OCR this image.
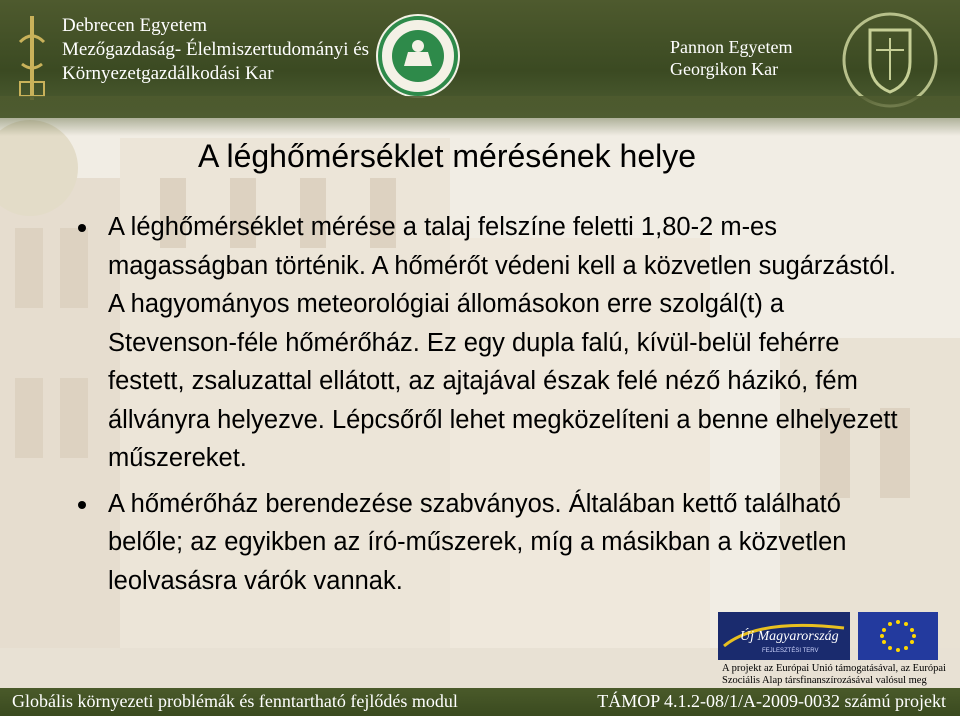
Debrecen Egyetem
Mezőgazdaság- Élelmiszertudományi és
Környezetgazdálkodási Kar
Pannon Egyetem
Georgikon Kar
A léghőmérséklet mérésének helye
A léghőmérséklet mérése a talaj felszíne feletti 1,80-2 m-es magasságban történik. A hőmérőt védeni kell a közvetlen sugárzástól. A hagyományos meteorológiai állomásokon erre szolgál(t) a Stevenson-féle hőmérőház. Ez egy dupla falú, kívül-belül fehérre festett, zsaluzattal ellátott, az ajtajával észak felé néző házikó, fém állványra helyezve. Lépcsőről lehet megközelíteni a benne elhelyezett műszereket.
A hőmérőház berendezése szabványos. Általában kettő található belőle; az egyikben az író-műszerek, míg a másikban a közvetlen leolvasásra várók vannak.
Új Magyarország
FEJLESZTÉSI TERV
A projekt az Európai Unió támogatásával, az Európai
Szociális Alap társfinanszírozásával valósul meg
Globális környezeti problémák és fenntartható fejlődés modul	TÁMOP 4.1.2-08/1/A-2009-0032 számú projekt
